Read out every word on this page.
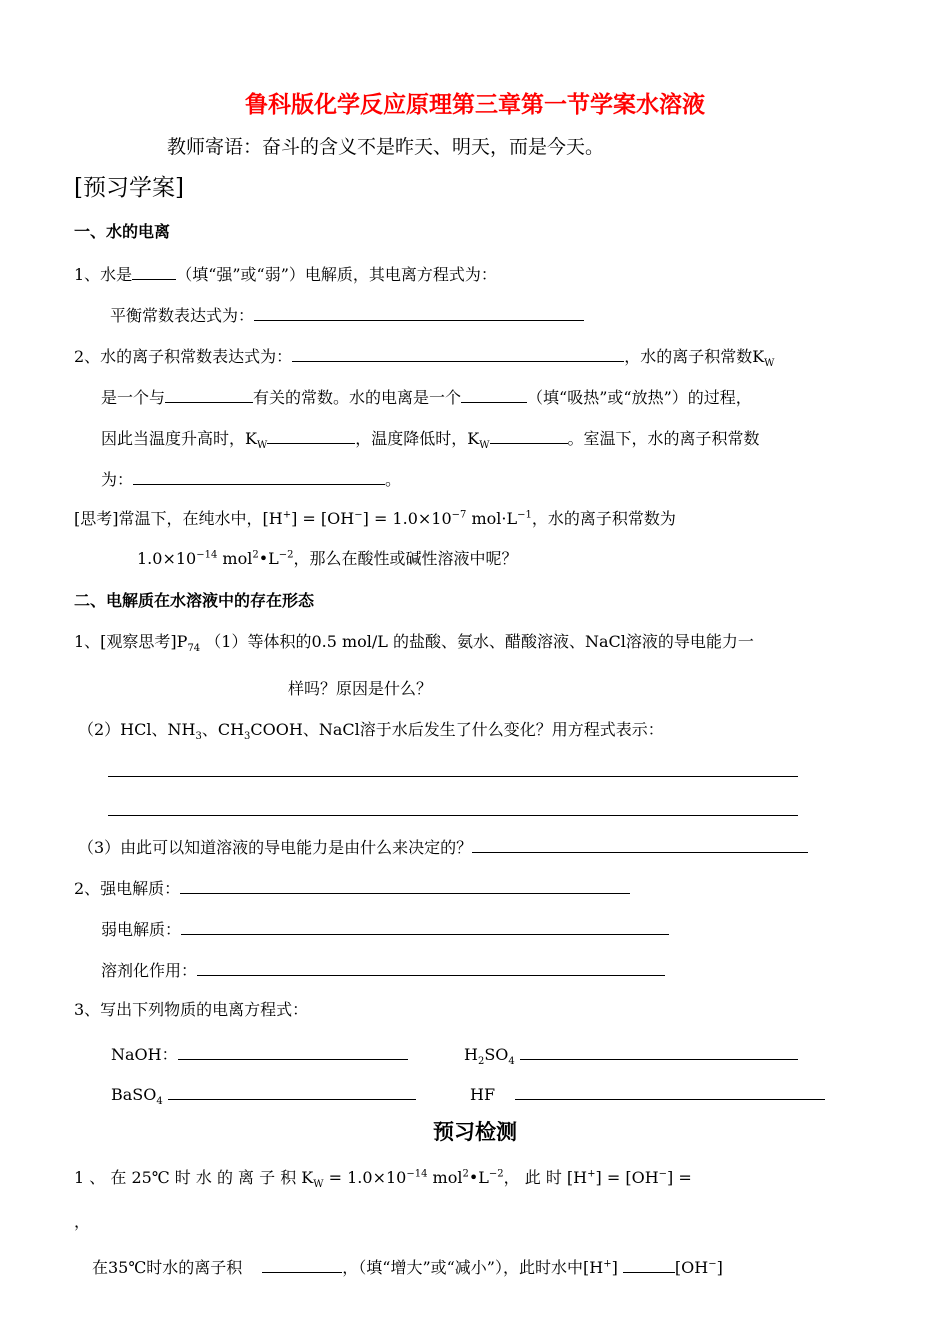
鲁科版化学反应原理第三章第一节学案水溶液
教师寄语：奋斗的含义不是昨天、明天，而是今天。
[预习学案]
一、水的电离
1、水是	（填“强”或“弱”）电解质，其电离方程式为：
平衡常数表达式为：
2、水的离子积常数表达式为：	，水的离子积常数$K_W$
是一个与	有关的常数。水的电离是一个	（填“吸热”或“放热”）的过程，
因此当温度升高时，$K_W$	，温度降低时，$K_W$	。室温下，水的离子积常数
为：	。
[思考]常温下，在纯水中，$[H^+] = [OH^-] = 1.0\times 10^{-7}$ $mol\cdot L^{-1}$，水的离子积常数为
$1.0\times 10^{-14}$ $mol^2•L^{-2}$，那么在酸性或碱性溶液中呢？
二、电解质在水溶液中的存在形态
1、[观察思考]$P_{74}$ （1）等体积的0.5 mol/L 的盐酸、氨水、醋酸溶液、NaCl溶液的导电能力一
样吗？原因是什么？
（2）HCl、$NH_3$、$CH_3COOH$、NaCl溶于水后发生了什么变化？用方程式表示：
（3）由此可以知道溶液的导电能力是由什么来决定的？
2、强电解质：
弱电解质：
溶剂化作用：
3、写出下列物质的电离方程式：
NaOH：	$H_2SO_4$
BaSO$_4$	HF
预习检测
1 、 在 25℃ 时 水 的 离 子 积 $K_W = 1.0\times 10^{-14}$ $mol^2•L^{-2}$， 此 时 [H+] = [OH−] =
，
在35℃时水的离子积	，（填“增大”或“减小”），此时水中[H+]	[OH−]
